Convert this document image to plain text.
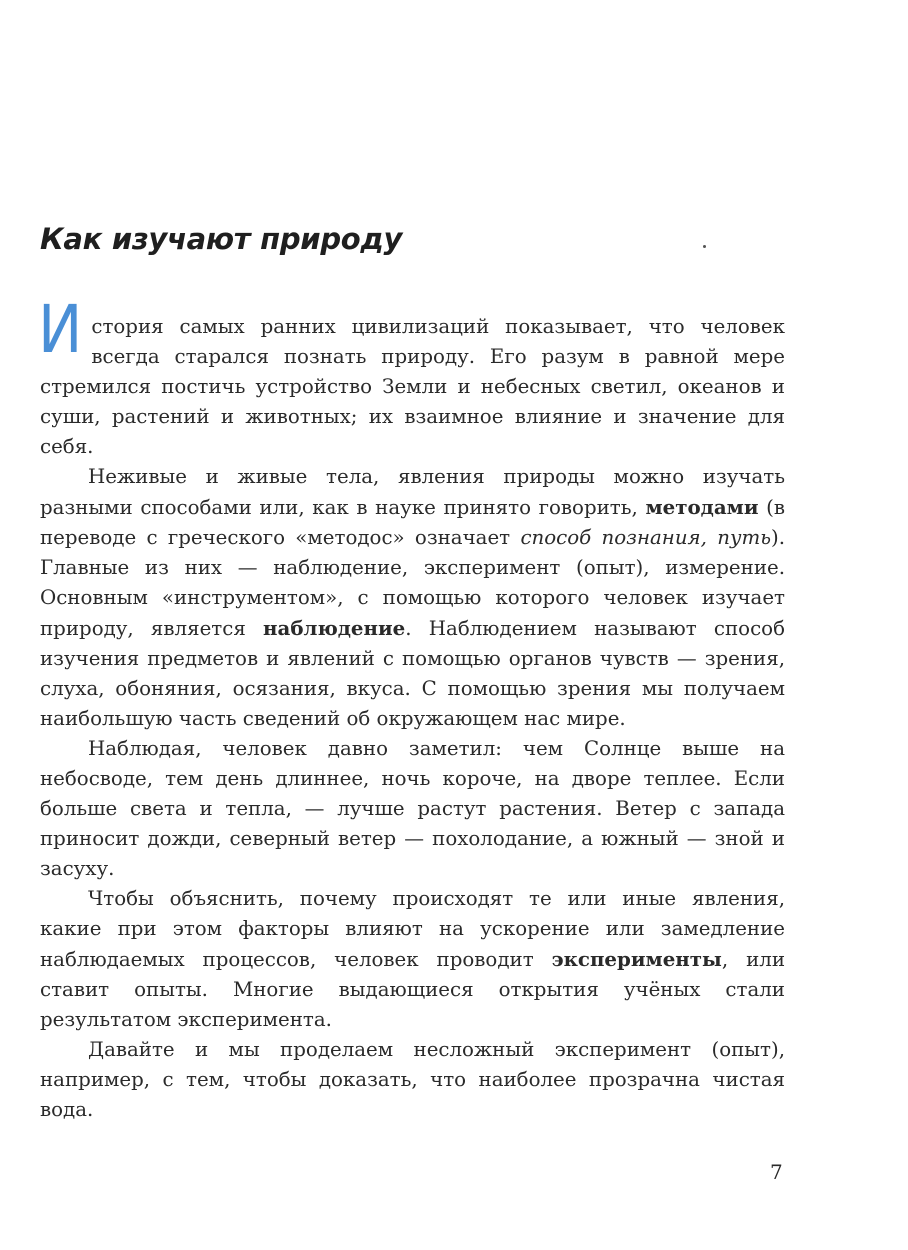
Как изучают природу

История самых ранних цивилизаций показывает, что человек всегда старался познать природу. Его разум в равной мере стремился постичь устройство Земли и небесных светил, океанов и суши, растений и животных; их взаимное влияние и значение для себя.

Неживые и живые тела, явления природы можно изучать разными способами или, как в науке принято говорить, методами (в переводе с греческого «методос» означает способ познания, путь). Главные из них — наблюдение, эксперимент (опыт), измерение. Основным «инструментом», с помощью которого человек изучает природу, является наблюдение. Наблюдением называют способ изучения предметов и явлений с помощью органов чувств — зрения, слуха, обоняния, осязания, вкуса. С помощью зрения мы получаем наибольшую часть сведений об окружающем нас мире.

Наблюдая, человек давно заметил: чем Солнце выше на небосводе, тем день длиннее, ночь короче, на дворе теплее. Если больше света и тепла, — лучше растут растения. Ветер с запада приносит дожди, северный ветер — похолодание, а южный — зной и засуху.

Чтобы объяснить, почему происходят те или иные явления, какие при этом факторы влияют на ускорение или замедление наблюдаемых процессов, человек проводит эксперименты, или ставит опыты. Многие выдающиеся открытия учёных стали результатом эксперимента.

Давайте и мы проделаем несложный эксперимент (опыт), например, с тем, чтобы доказать, что наиболее прозрачна чистая вода.

7
